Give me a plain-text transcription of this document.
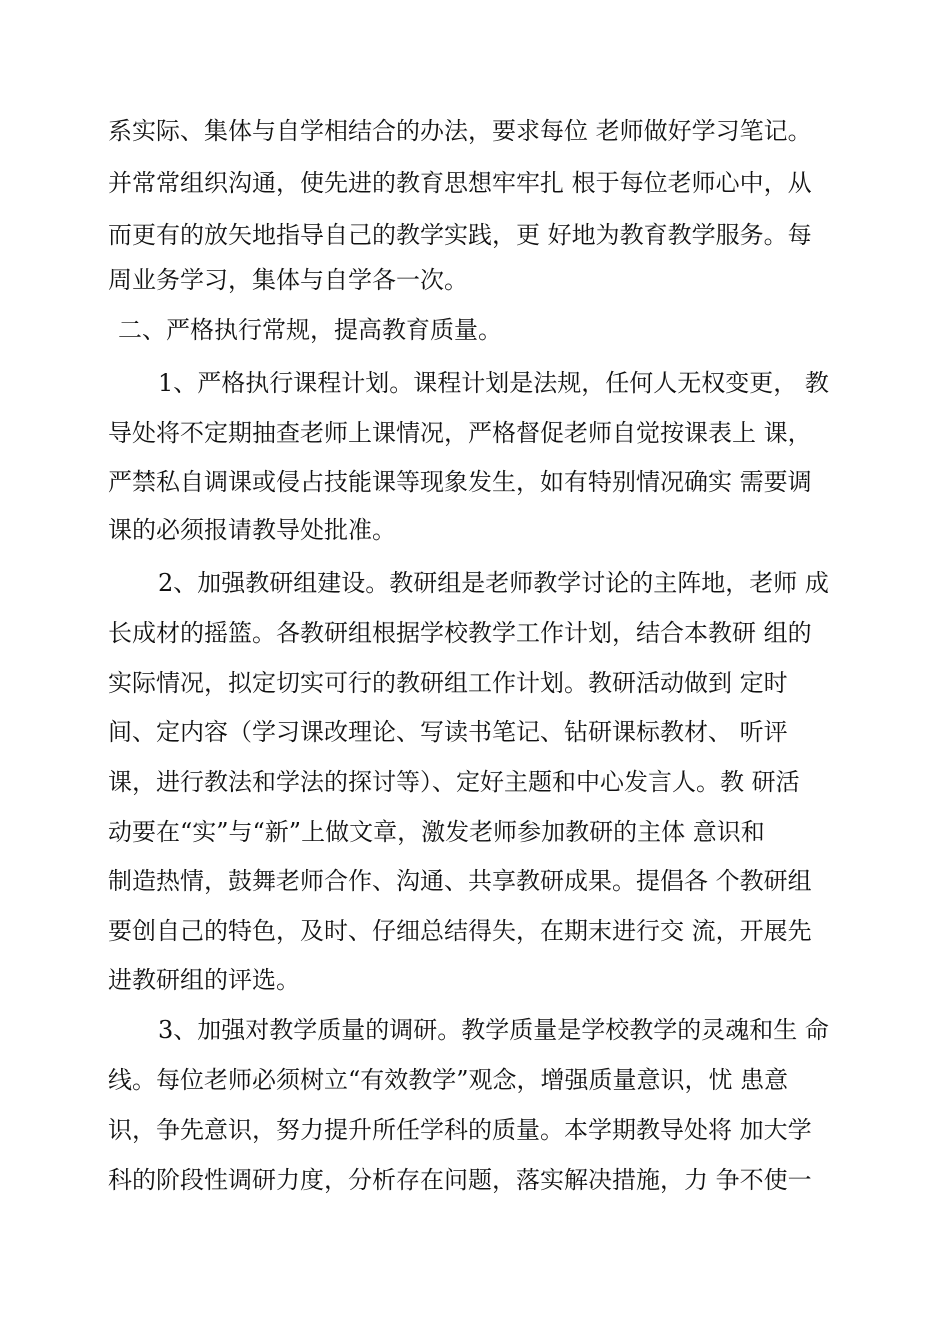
系实际、集体与自学相结合的办法，要求每位 老师做好学习笔记。
并常常组织沟通，使先进的教育思想牢牢扎 根于每位老师心中，从
而更有的放矢地指导自己的教学实践，更 好地为教育教学服务。每
周业务学习，集体与自学各一次。
二、严格执行常规，提高教育质量。
1、严格执行课程计划。课程计划是法规，任何人无权变更， 教
导处将不定期抽查老师上课情况，严格督促老师自觉按课表上 课，
严禁私自调课或侵占技能课等现象发生，如有特别情况确实 需要调
课的必须报请教导处批准。
2、加强教研组建设。教研组是老师教学讨论的主阵地，老师 成
长成材的摇篮。各教研组根据学校教学工作计划，结合本教研 组的
实际情况，拟定切实可行的教研组工作计划。教研活动做到 定时
间、定内容（学习课改理论、写读书笔记、钻研课标教材、 听评
课，进行教法和学法的探讨等）、定好主题和中心发言人。教 研活
动要在“实”与“新”上做文章，激发老师参加教研的主体 意识和
制造热情，鼓舞老师合作、沟通、共享教研成果。提倡各 个教研组
要创自己的特色，及时、仔细总结得失，在期末进行交 流，开展先
进教研组的评选。
3、加强对教学质量的调研。教学质量是学校教学的灵魂和生 命
线。每位老师必须树立“有效教学”观念，增强质量意识，忧 患意
识，争先意识，努力提升所任学科的质量。本学期教导处将 加大学
科的阶段性调研力度，分析存在问题，落实解决措施，力 争不使一
